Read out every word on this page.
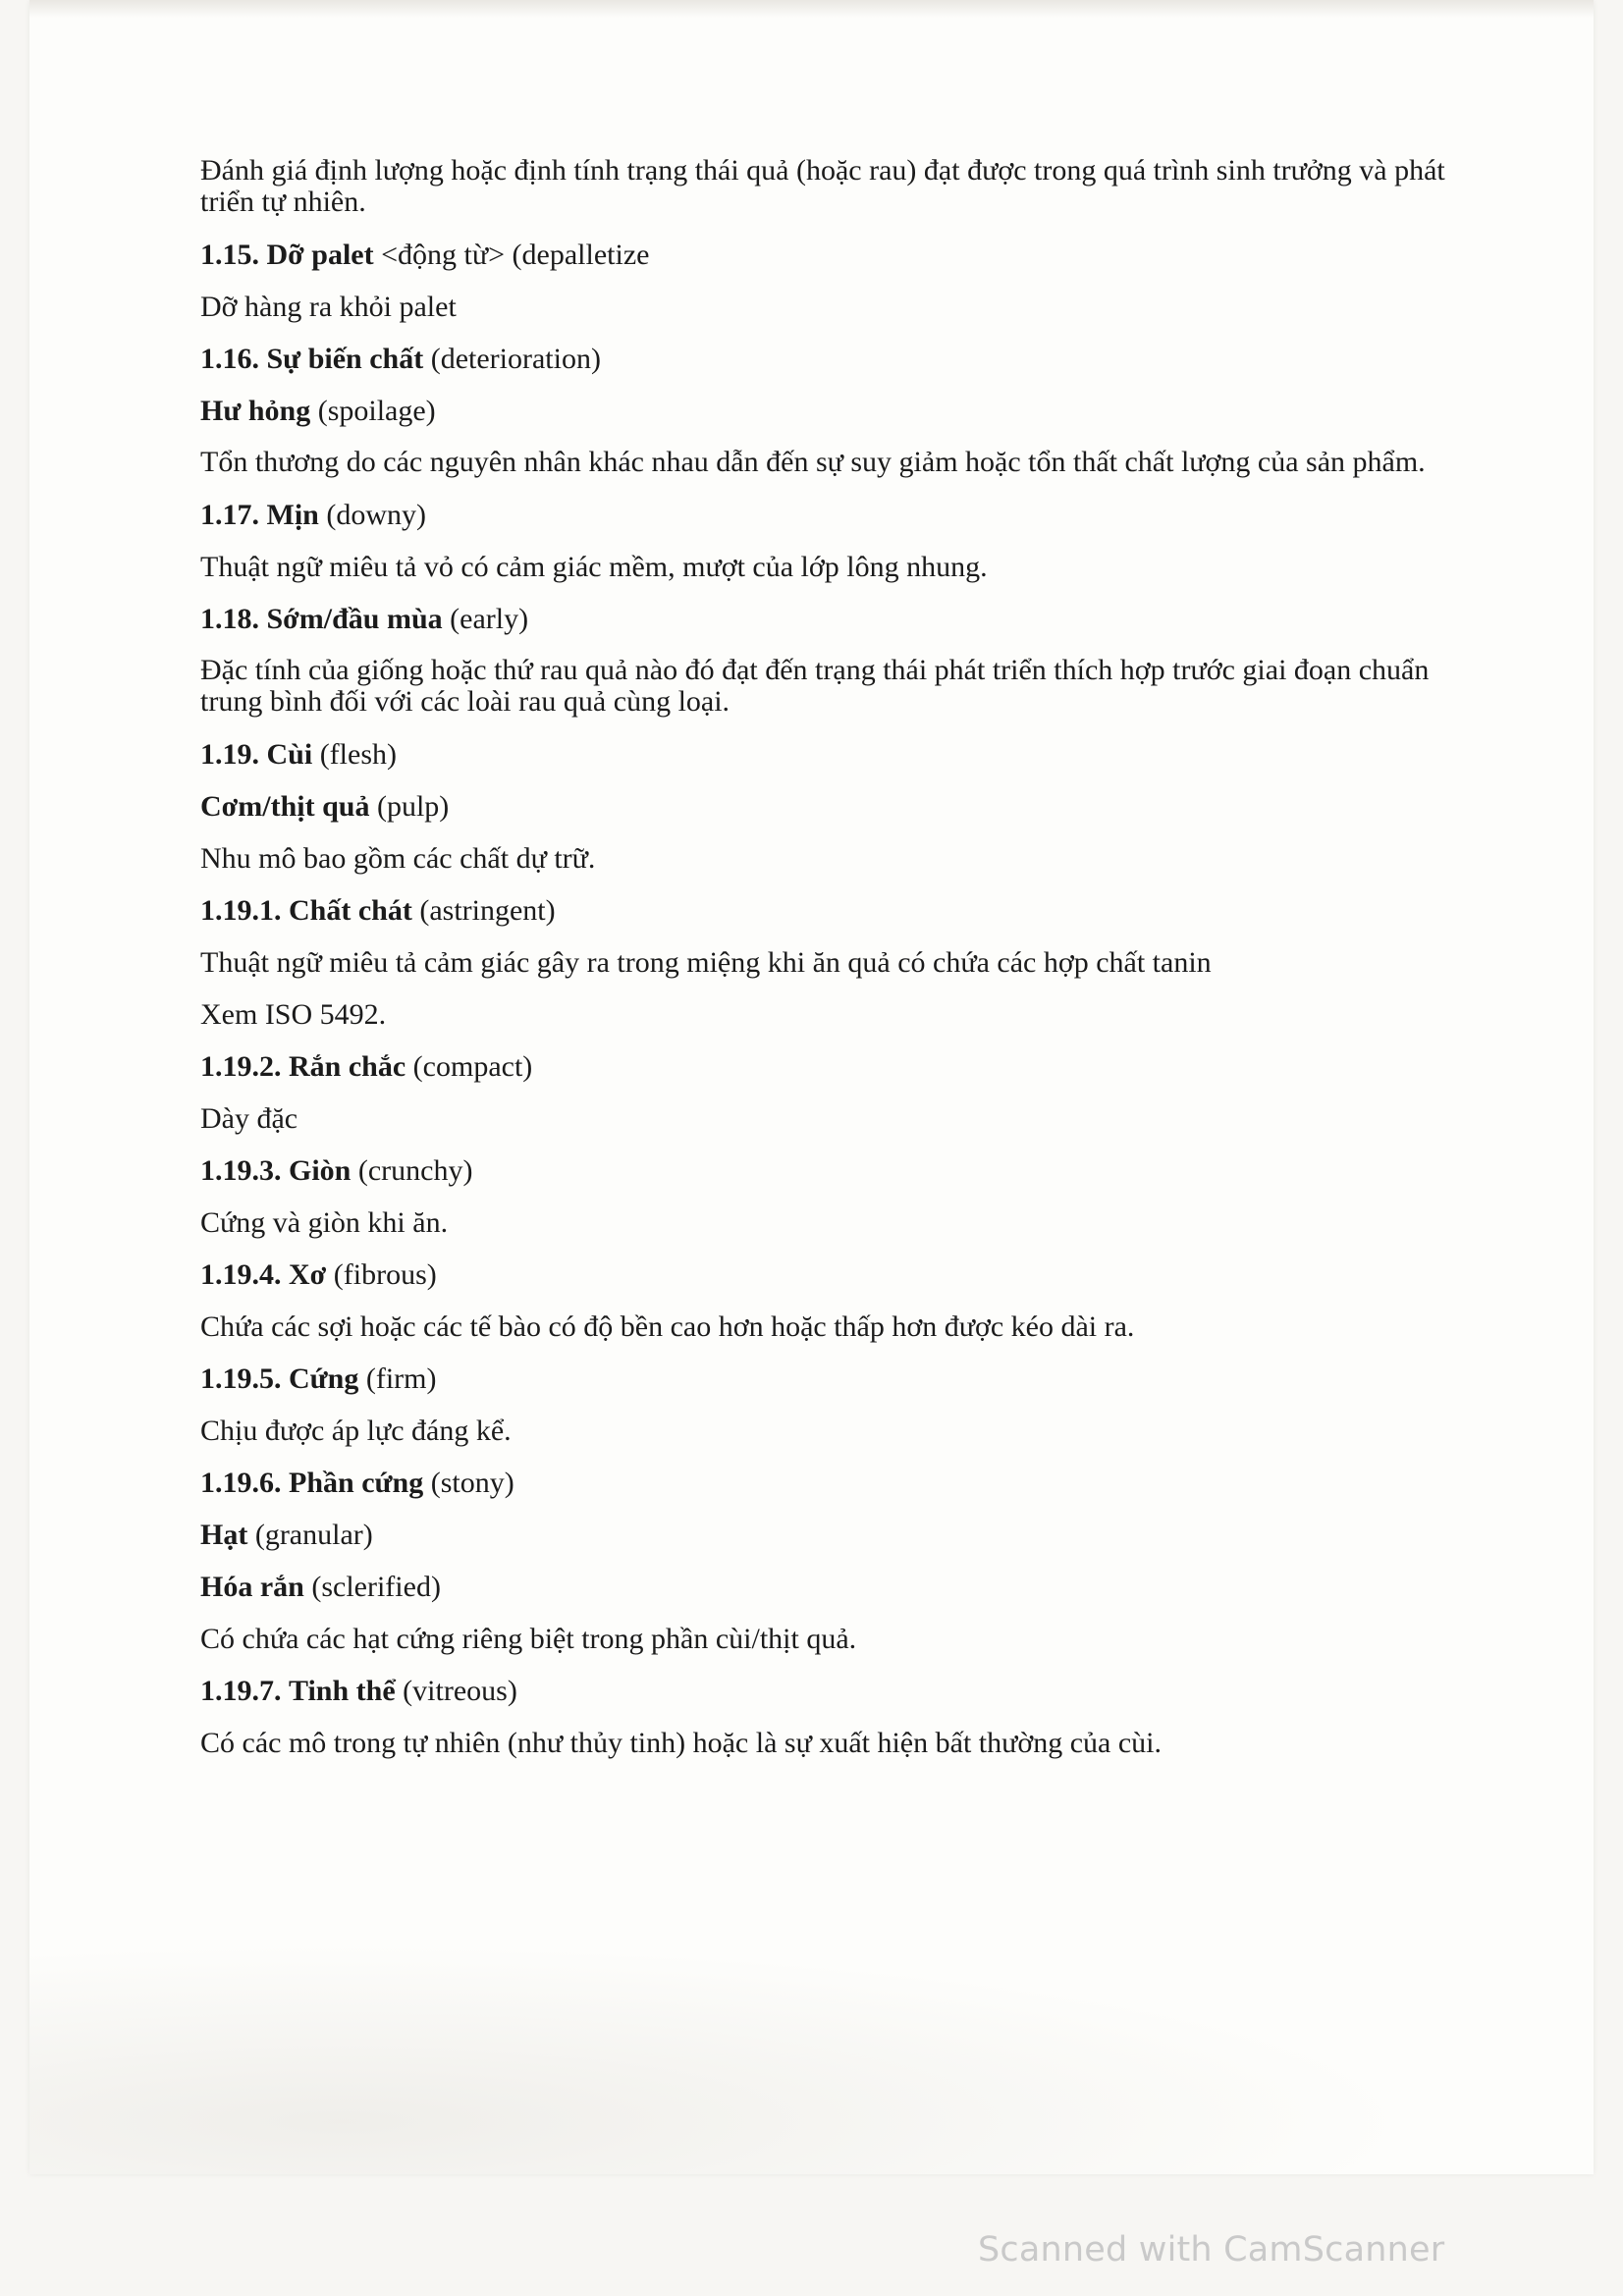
Đánh giá định lượng hoặc định tính trạng thái quả (hoặc rau) đạt được trong quá trình sinh trưởng và phát triển tự nhiên.

1.15. Dỡ palet <động từ> (depalletize

Dỡ hàng ra khỏi palet

1.16. Sự biến chất (deterioration)

Hư hỏng (spoilage)

Tổn thương do các nguyên nhân khác nhau dẫn đến sự suy giảm hoặc tổn thất chất lượng của sản phẩm.

1.17. Mịn (downy)

Thuật ngữ miêu tả vỏ có cảm giác mềm, mượt của lớp lông nhung.

1.18. Sớm/đầu mùa (early)

Đặc tính của giống hoặc thứ rau quả nào đó đạt đến trạng thái phát triển thích hợp trước giai đoạn chuẩn trung bình đối với các loài rau quả cùng loại.

1.19. Cùi (flesh)

Cơm/thịt quả (pulp)

Nhu mô bao gồm các chất dự trữ.

1.19.1. Chất chát (astringent)

Thuật ngữ miêu tả cảm giác gây ra trong miệng khi ăn quả có chứa các hợp chất tanin

Xem ISO 5492.

1.19.2. Rắn chắc (compact)

Dày đặc

1.19.3. Giòn (crunchy)

Cứng và giòn khi ăn.

1.19.4. Xơ (fibrous)

Chứa các sợi hoặc các tế bào có độ bền cao hơn hoặc thấp hơn được kéo dài ra.

1.19.5. Cứng (firm)

Chịu được áp lực đáng kể.

1.19.6. Phần cứng (stony)

Hạt (granular)

Hóa rắn (sclerified)

Có chứa các hạt cứng riêng biệt trong phần cùi/thịt quả.

1.19.7. Tinh thể (vitreous)

Có các mô trong tự nhiên (như thủy tinh) hoặc là sự xuất hiện bất thường của cùi.

Scanned with CamScanner
